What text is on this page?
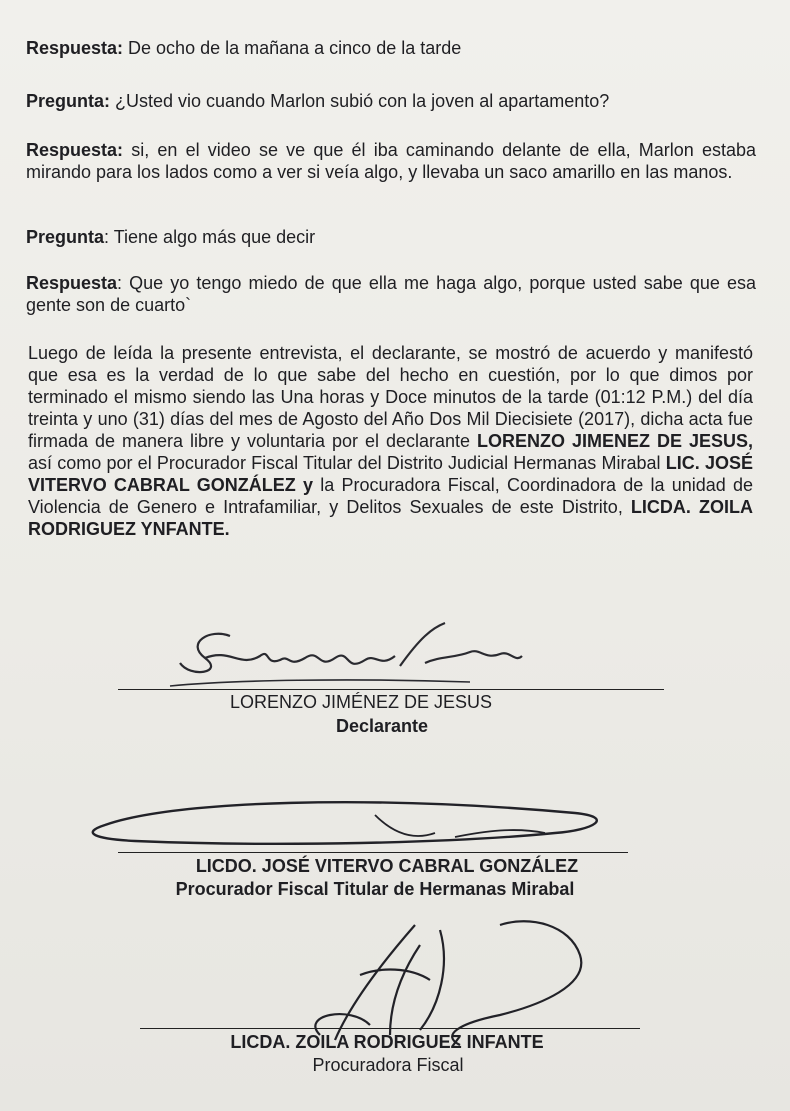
Respuesta: De ocho de la mañana a cinco de la tarde
Pregunta: ¿Usted vio cuando Marlon subió con la joven al apartamento?
Respuesta: si, en el video se ve que él iba caminando delante de ella, Marlon estaba mirando para los lados como a ver si veía algo, y llevaba un saco amarillo en las manos.
Pregunta: Tiene algo más que decir
Respuesta: Que yo tengo miedo de que ella me haga algo, porque usted sabe que esa gente son de cuarto`
Luego de leída la presente entrevista, el declarante, se mostró de acuerdo y manifestó que esa es la verdad de lo que sabe del hecho en cuestión, por lo que dimos por terminado el mismo siendo las Una horas y Doce minutos de la tarde (01:12 P.M.) del día treinta y uno (31) días del mes de Agosto del Año Dos Mil Diecisiete (2017), dicha acta fue firmada de manera libre y voluntaria por el declarante LORENZO JIMENEZ DE JESUS, así como por el Procurador Fiscal Titular del Distrito Judicial Hermanas Mirabal LIC. JOSÉ VITERVO CABRAL GONZÁLEZ y la Procuradora Fiscal, Coordinadora de la unidad de Violencia de Genero e Intrafamiliar, y Delitos Sexuales de este Distrito, LICDA. ZOILA RODRIGUEZ YNFANTE.
LORENZO JIMÉNEZ DE JESUS
Declarante
LICDO. JOSÉ VITERVO CABRAL GONZÁLEZ
Procurador Fiscal Titular de Hermanas Mirabal
LICDA. ZOILA RODRIGUEZ INFANTE
Procuradora Fiscal
